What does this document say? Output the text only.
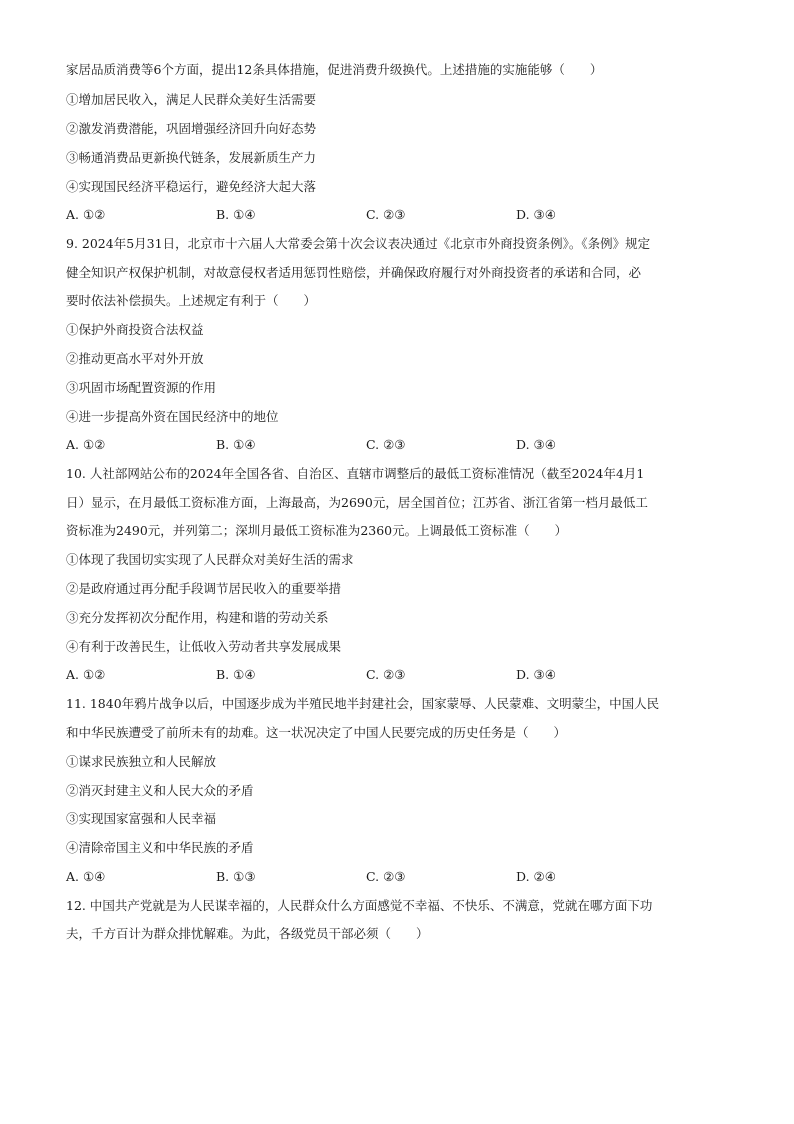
家居品质消费等6个方面，提出12条具体措施，促进消费升级换代。上述措施的实施能够（　　）
①增加居民收入，满足人民群众美好生活需要
②激发消费潜能，巩固增强经济回升向好态势
③畅通消费品更新换代链条，发展新质生产力
④实现国民经济平稳运行，避免经济大起大落
A. ①②	B. ①④	C. ②③	D. ③④
9. 2024年5月31日，北京市十六届人大常委会第十次会议表决通过《北京市外商投资条例》。《条例》规定
健全知识产权保护机制，对故意侵权者适用惩罚性赔偿，并确保政府履行对外商投资者的承诺和合同，必
要时依法补偿损失。上述规定有利于（　　）
①保护外商投资合法权益
②推动更高水平对外开放
③巩固市场配置资源的作用
④进一步提高外资在国民经济中的地位
A. ①②	B. ①④	C. ②③	D. ③④
10. 人社部网站公布的2024年全国各省、自治区、直辖市调整后的最低工资标准情况（截至2024年4月1
日）显示，在月最低工资标准方面，上海最高，为2690元，居全国首位；江苏省、浙江省第一档月最低工
资标准为2490元，并列第二；深圳月最低工资标准为2360元。上调最低工资标准（　　）
①体现了我国切实实现了人民群众对美好生活的需求
②是政府通过再分配手段调节居民收入的重要举措
③充分发挥初次分配作用，构建和谐的劳动关系
④有利于改善民生，让低收入劳动者共享发展成果
A. ①②	B. ①④	C. ②③	D. ③④
11. 1840年鸦片战争以后，中国逐步成为半殖民地半封建社会，国家蒙辱、人民蒙难、文明蒙尘，中国人民
和中华民族遭受了前所未有的劫难。这一状况决定了中国人民要完成的历史任务是（　　）
①谋求民族独立和人民解放
②消灭封建主义和人民大众的矛盾
③实现国家富强和人民幸福
④清除帝国主义和中华民族的矛盾
A. ①④	B. ①③	C. ②③	D. ②④
12. 中国共产党就是为人民谋幸福的，人民群众什么方面感觉不幸福、不快乐、不满意，党就在哪方面下功
夫，千方百计为群众排忧解难。为此，各级党员干部必须（　　）
